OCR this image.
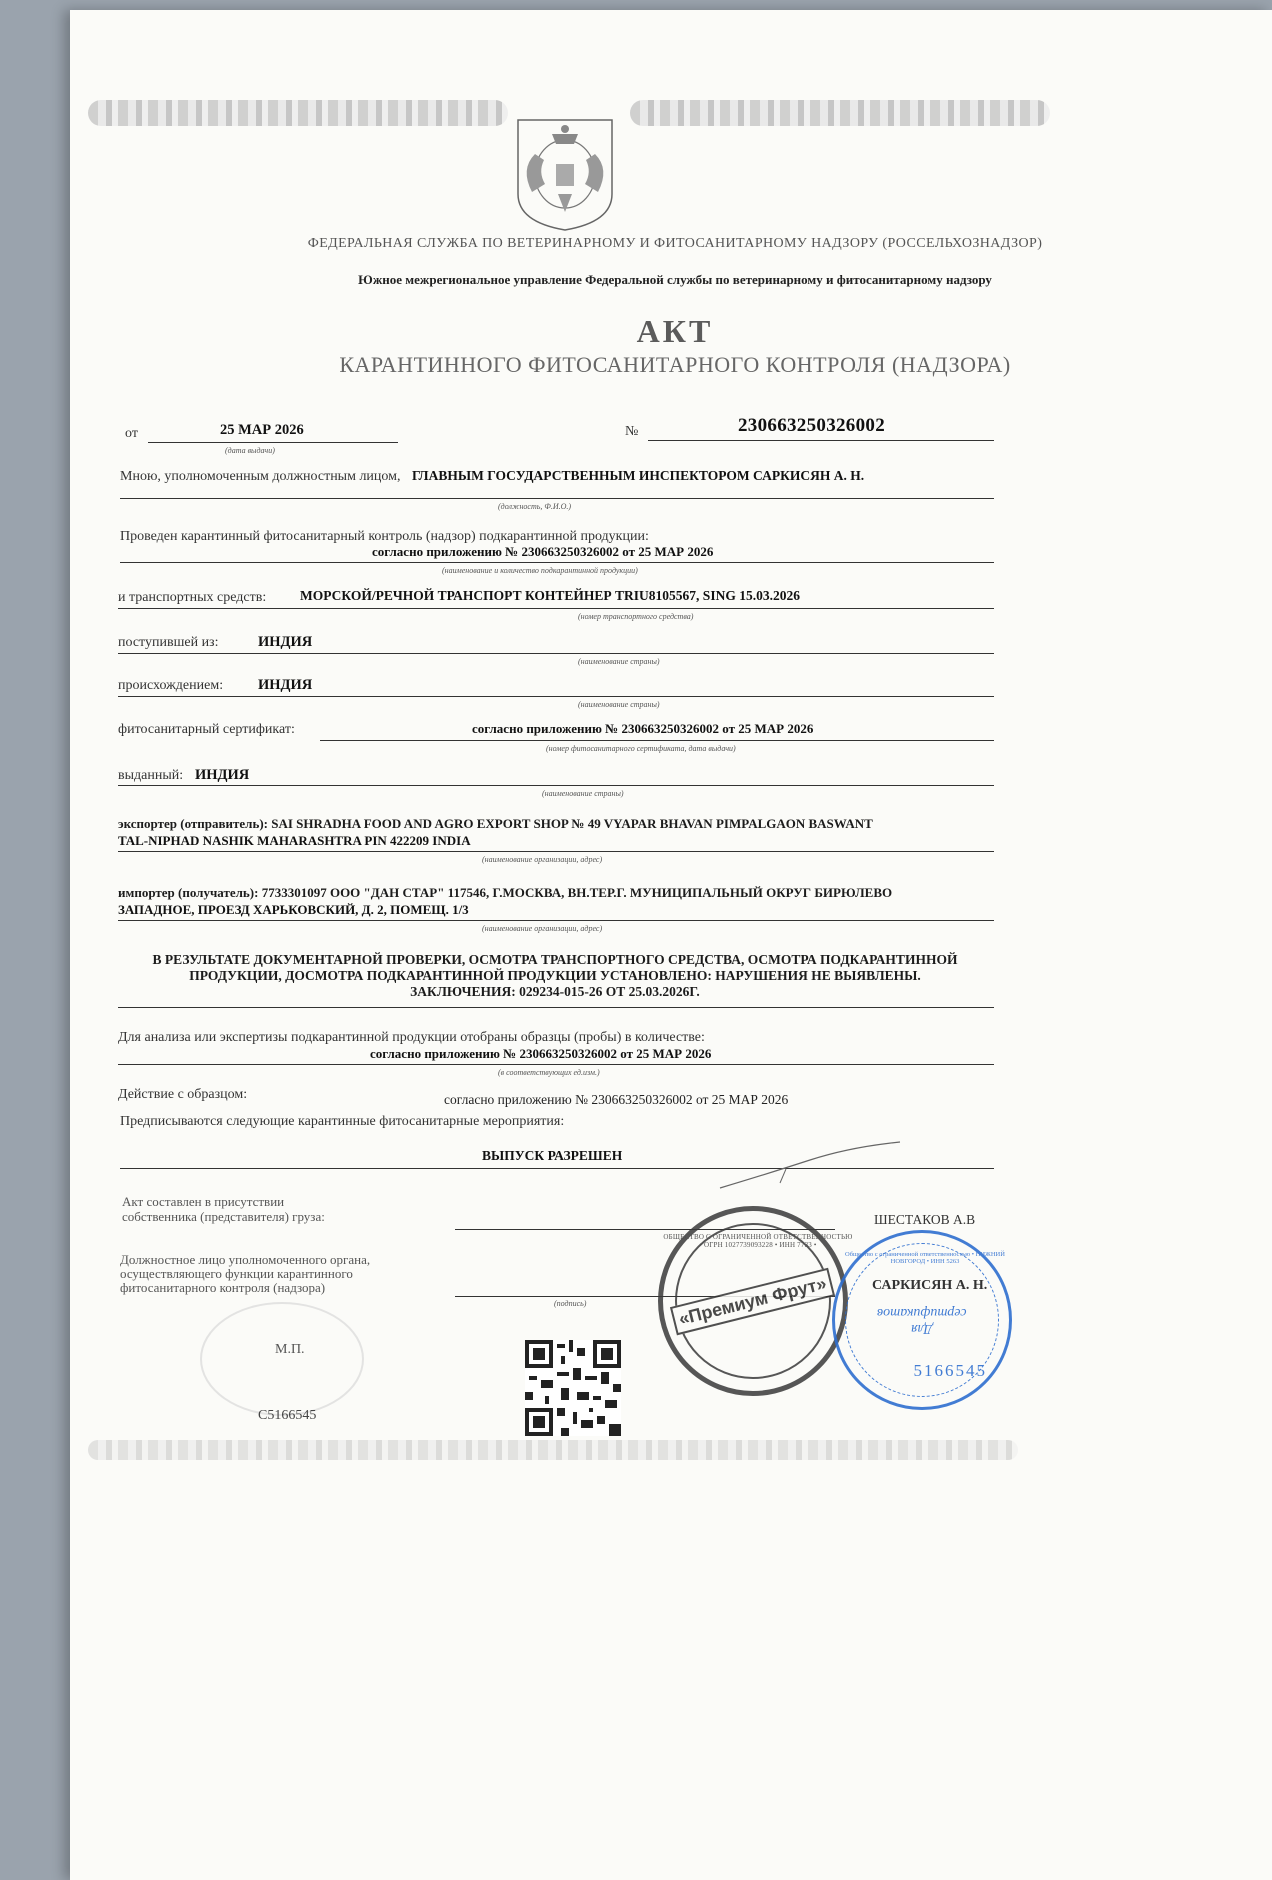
ФЕДЕРАЛЬНАЯ СЛУЖБА ПО ВЕТЕРИНАРНОМУ И ФИТОСАНИТАРНОМУ НАДЗОРУ (РОССЕЛЬХОЗНАДЗОР)
Южное межрегиональное управление Федеральной службы по ветеринарному и фитосанитарному надзору
АКТ
КАРАНТИННОГО ФИТОСАНИТАРНОГО КОНТРОЛЯ (НАДЗОРА)
от	25 МАР 2026
(дата выдачи)
№	230663250326002
Мною, уполномоченным должностным лицом, ГЛАВНЫМ ГОСУДАРСТВЕННЫМ ИНСПЕКТОРОМ САРКИСЯН А. Н.
(должность, Ф.И.О.)
Проведен карантинный фитосанитарный контроль (надзор) подкарантинной продукции:
согласно приложению № 230663250326002 от 25 МАР 2026
(наименование и количество подкарантинной продукции)
и транспортных средств:	МОРСКОЙ/РЕЧНОЙ ТРАНСПОРТ КОНТЕЙНЕР TRIU8105567, SING 15.03.2026
(номер транспортного средства)
поступившей из:	ИНДИЯ
(наименование страны)
происхождением: ИНДИЯ
(наименование страны)
фитосанитарный сертификат:	согласно приложению № 230663250326002 от 25 МАР 2026
(номер фитосанитарного сертификата, дата выдачи)
выданный: ИНДИЯ
(наименование страны)
экспортер (отправитель): SAI SHRADHA FOOD AND AGRO EXPORT SHOP № 49 VYAPAR BHAVAN PIMPALGAON BASWANT
TAL-NIPHAD NASHIK MAHARASHTRA PIN 422209 INDIA
(наименование организации, адрес)
импортер (получатель): 7733301097 ООО "ДАН СТАР" 117546, Г.МОСКВА, ВН.ТЕР.Г. МУНИЦИПАЛЬНЫЙ ОКРУГ БИРЮЛЕВО
ЗАПАДНОЕ, ПРОЕЗД ХАРЬКОВСКИЙ, Д. 2, ПОМЕЩ. 1/3
(наименование организации, адрес)
В РЕЗУЛЬТАТЕ ДОКУМЕНТАРНОЙ ПРОВЕРКИ, ОСМОТРА ТРАНСПОРТНОГО СРЕДСТВА, ОСМОТРА ПОДКАРАНТИННОЙ
ПРОДУКЦИИ, ДОСМОТРА ПОДКАРАНТИННОЙ ПРОДУКЦИИ УСТАНОВЛЕНО: НАРУШЕНИЯ НЕ ВЫЯВЛЕНЫ.
ЗАКЛЮЧЕНИЯ: 029234-015-26 ОТ 25.03.2026Г.
Для анализа или экспертизы подкарантинной продукции отобраны образцы (пробы) в количестве:
согласно приложению № 230663250326002 от 25 МАР 2026
(в соответствующих ед.изм.)
Действие с образцом:	согласно приложению № 230663250326002 от 25 МАР 2026
Предписываются следующие карантинные фитосанитарные мероприятия:
ВЫПУСК РАЗРЕШЕН
Акт составлен в присутствии
собственника (представителя) груза:	ШЕСТАКОВ А.В
Должностное лицо уполномоченного органа,
осуществляющего функции карантинного
фитосанитарного контроля (надзора)
(подпись)
САРКИСЯН А. Н.
М.П.
С5166545
ОБЩЕСТВО С ОГРАНИЧЕННОЙ ОТВЕТСТВЕННОСТЬЮ • ОГРН 1027739093228 • ИНН 7733 •
«Премиум Фрут»
Общество с ограниченной ответственностью • НИЖНИЙ НОВГОРОД • ИНН 5263
Для
сертификатов
5166545
